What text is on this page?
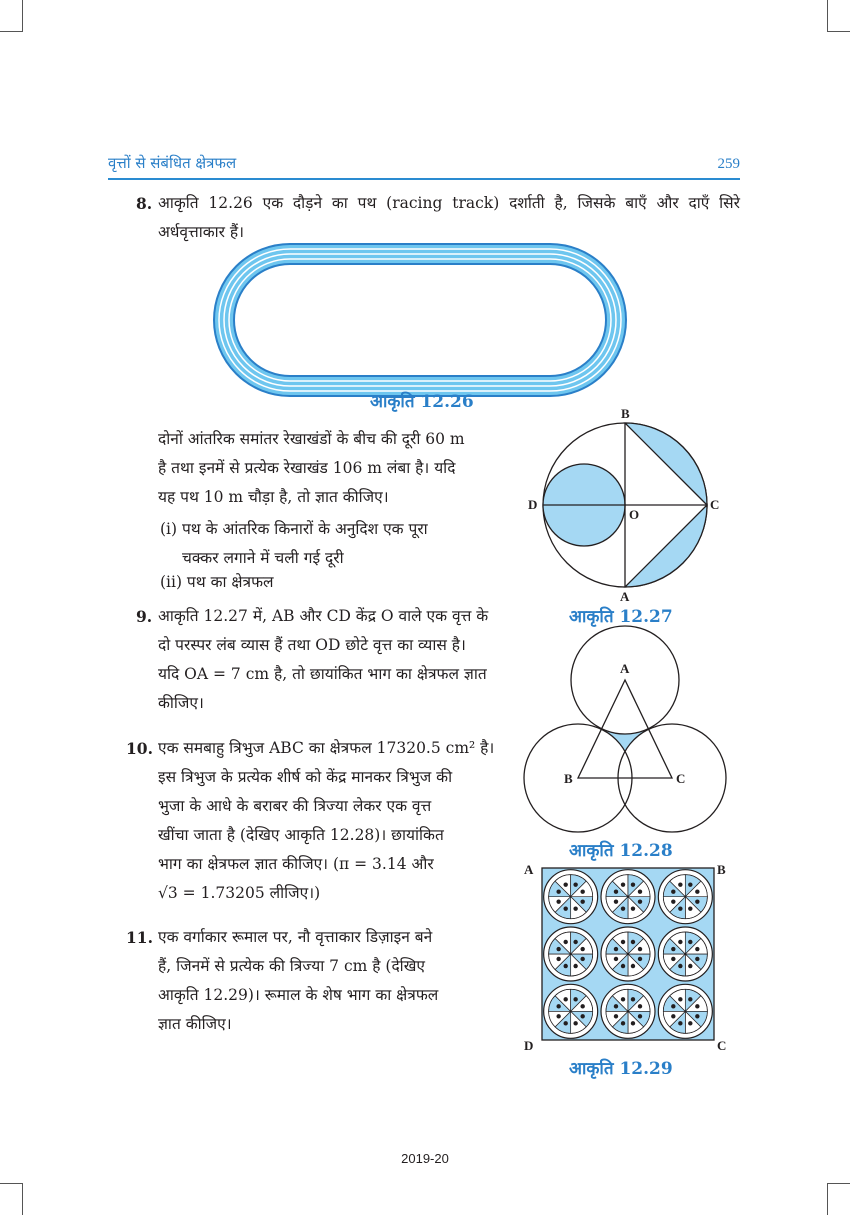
वृत्तों से संबंधित क्षेत्रफल	259
8. आकृति 12.26 एक दौड़ने का पथ (racing track) दर्शाती है, जिसके बाएँ और दाएँ सिरे
अर्धवृत्ताकार हैं।
आकृति 12.26
दोनों आंतरिक समांतर रेखाखंडों के बीच की दूरी 60 m
है तथा इनमें से प्रत्येक रेखाखंड 106 m लंबा है। यदि
यह पथ 10 m चौड़ा है, तो ज्ञात कीजिए।
(i) पथ के आंतरिक किनारों के अनुदिश एक पूरा
चक्कर लगाने में चली गई दूरी
(ii) पथ का क्षेत्रफल
B
D
O
C
A
आकृति 12.27
9. आकृति 12.27 में, AB और CD केंद्र O वाले एक वृत्त के
दो परस्पर लंब व्यास हैं तथा OD छोटे वृत्त का व्यास है।
यदि OA = 7 cm है, तो छायांकित भाग का क्षेत्रफल ज्ञात
कीजिए।
A
B	C
आकृति 12.28
10. एक समबाहु त्रिभुज ABC का क्षेत्रफल 17320.5 cm² है।
इस त्रिभुज के प्रत्येक शीर्ष को केंद्र मानकर त्रिभुज की
भुजा के आधे के बराबर की त्रिज्या लेकर एक वृत्त
खींचा जाता है (देखिए आकृति 12.28)। छायांकित
भाग का क्षेत्रफल ज्ञात कीजिए। (π = 3.14 और
√3 = 1.73205 लीजिए।)
A	B
C
D
आकृति 12.29
11. एक वर्गाकार रूमाल पर, नौ वृत्ताकार डिज़ाइन बने
हैं, जिनमें से प्रत्येक की त्रिज्या 7 cm है (देखिए
आकृति 12.29)। रूमाल के शेष भाग का क्षेत्रफल
ज्ञात कीजिए।
2019-20
